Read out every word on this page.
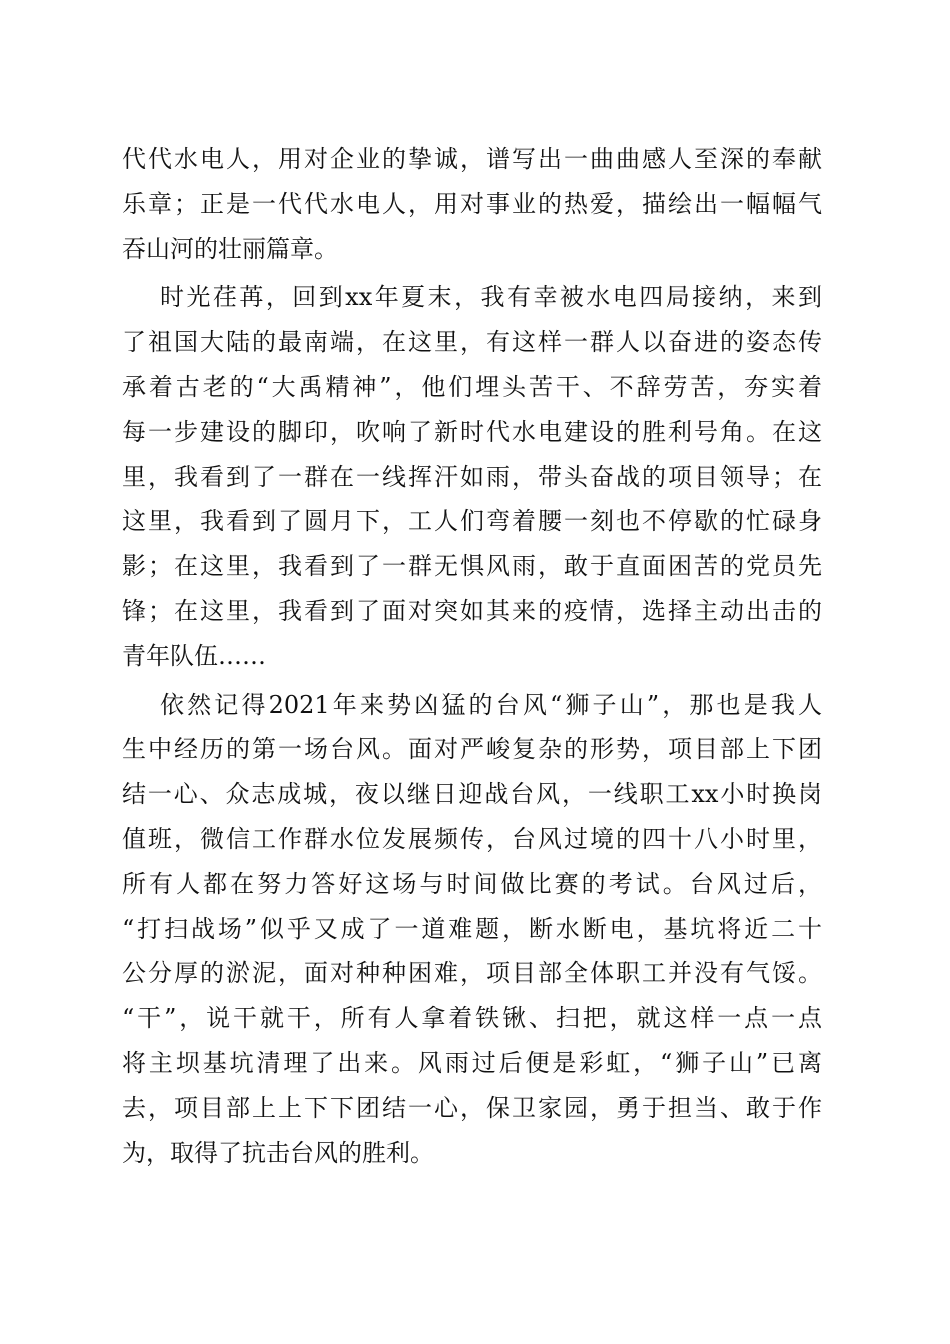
代代水电人，用对企业的挚诚，谱写出一曲曲感人至深的奉献
乐章；正是一代代水电人，用对事业的热爱，描绘出一幅幅气
吞山河的壮丽篇章。
时光荏苒，回到xx年夏末，我有幸被水电四局接纳，来到
了祖国大陆的最南端，在这里，有这样一群人以奋进的姿态传
承着古老的“大禹精神”，他们埋头苦干、不辞劳苦，夯实着
每一步建设的脚印，吹响了新时代水电建设的胜利号角。在这
里，我看到了一群在一线挥汗如雨，带头奋战的项目领导；在
这里，我看到了圆月下，工人们弯着腰一刻也不停歇的忙碌身
影；在这里，我看到了一群无惧风雨，敢于直面困苦的党员先
锋；在这里，我看到了面对突如其来的疫情，选择主动出击的
青年队伍……
依然记得2021年来势凶猛的台风“狮子山”，那也是我人
生中经历的第一场台风。面对严峻复杂的形势，项目部上下团
结一心、众志成城，夜以继日迎战台风，一线职工xx小时换岗
值班，微信工作群水位发展频传，台风过境的四十八小时里，
所有人都在努力答好这场与时间做比赛的考试。台风过后，
“打扫战场”似乎又成了一道难题，断水断电，基坑将近二十
公分厚的淤泥，面对种种困难，项目部全体职工并没有气馁。
“干”，说干就干，所有人拿着铁锹、扫把，就这样一点一点
将主坝基坑清理了出来。风雨过后便是彩虹，“狮子山”已离
去，项目部上上下下团结一心，保卫家园，勇于担当、敢于作
为，取得了抗击台风的胜利。
